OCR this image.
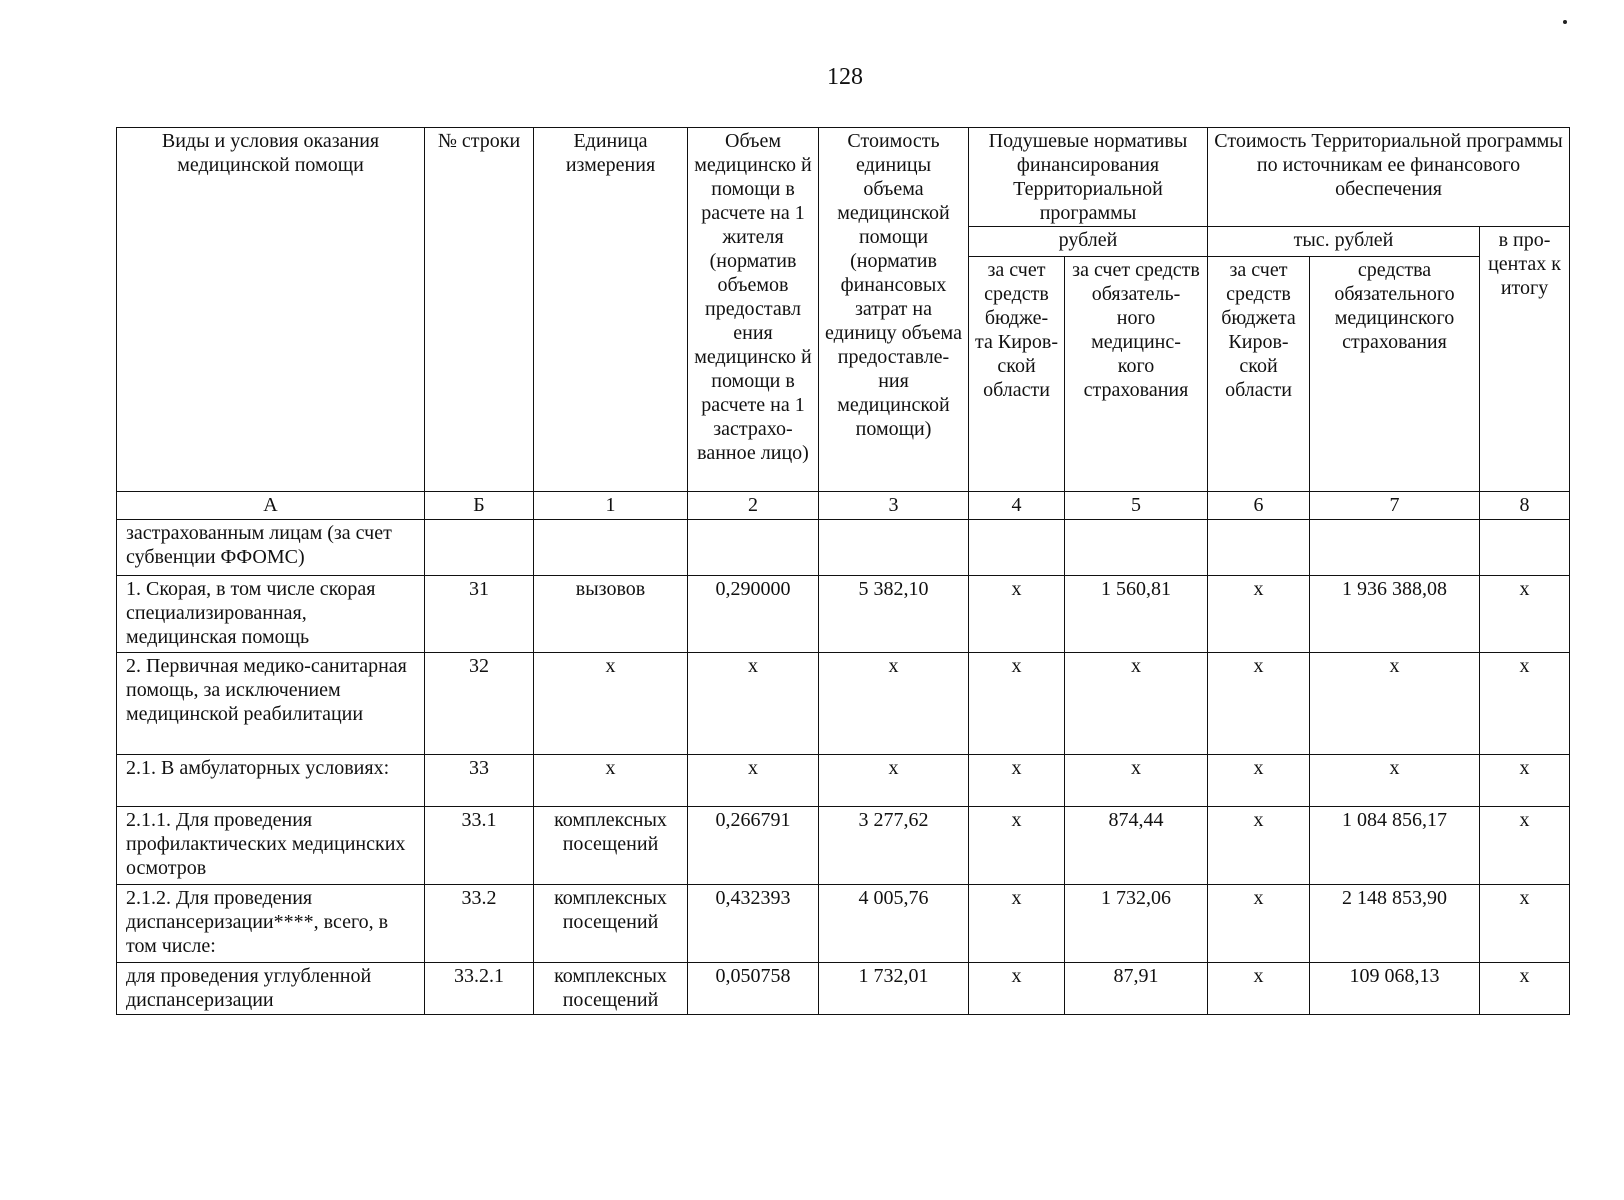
128
Виды и условия оказания медицинской помощи	№ строки	Единица измерения	Объем медицинско й помощи в расчете на 1 жителя (норматив объемов предоставл ения медицинско й помощи в расчете на 1 застрахо- ванное лицо)	Стоимость единицы объема медицинской помощи (норматив финансовых затрат на единицу объема предоставле- ния медицинской помощи)	Подушевые нормативы финансирования Территориальной программы		Стоимость Территориальной программы по источникам ее финансового обеспечения		
					рублей		тыс. рублей		в про- центах к итогу
					за счет средств бюдже- та Киров- ской области	за счет средств обязатель- ного медицинс- кого страхования	за счет средств бюджета Киров- ской области	средства обязательного медицинского страхования	
А	Б	1	2	3	4	5	6	7	8
застрахованным лицам (за счет субвенции ФФОМС)									
1. Скорая, в том числе скорая специализированная, медицинская помощь	31	вызовов	0,290000	5 382,10	x	1 560,81	x	1 936 388,08	x
2. Первичная медико-санитарная помощь, за исключением медицинской реабилитации	32	x	x	x	x	x	x	x	x
2.1. В амбулаторных условиях:	33	x	x	x	x	x	x	x	x
2.1.1. Для проведения профилактических медицинских осмотров	33.1	комплексных посещений	0,266791	3 277,62	x	874,44	x	1 084 856,17	x
2.1.2. Для проведения диспансеризации****, всего, в том числе:	33.2	комплексных посещений	0,432393	4 005,76	x	1 732,06	x	2 148 853,90	x
для проведения углубленной диспансеризации	33.2.1	комплексных посещений	0,050758	1 732,01	x	87,91	x	109 068,13	x
